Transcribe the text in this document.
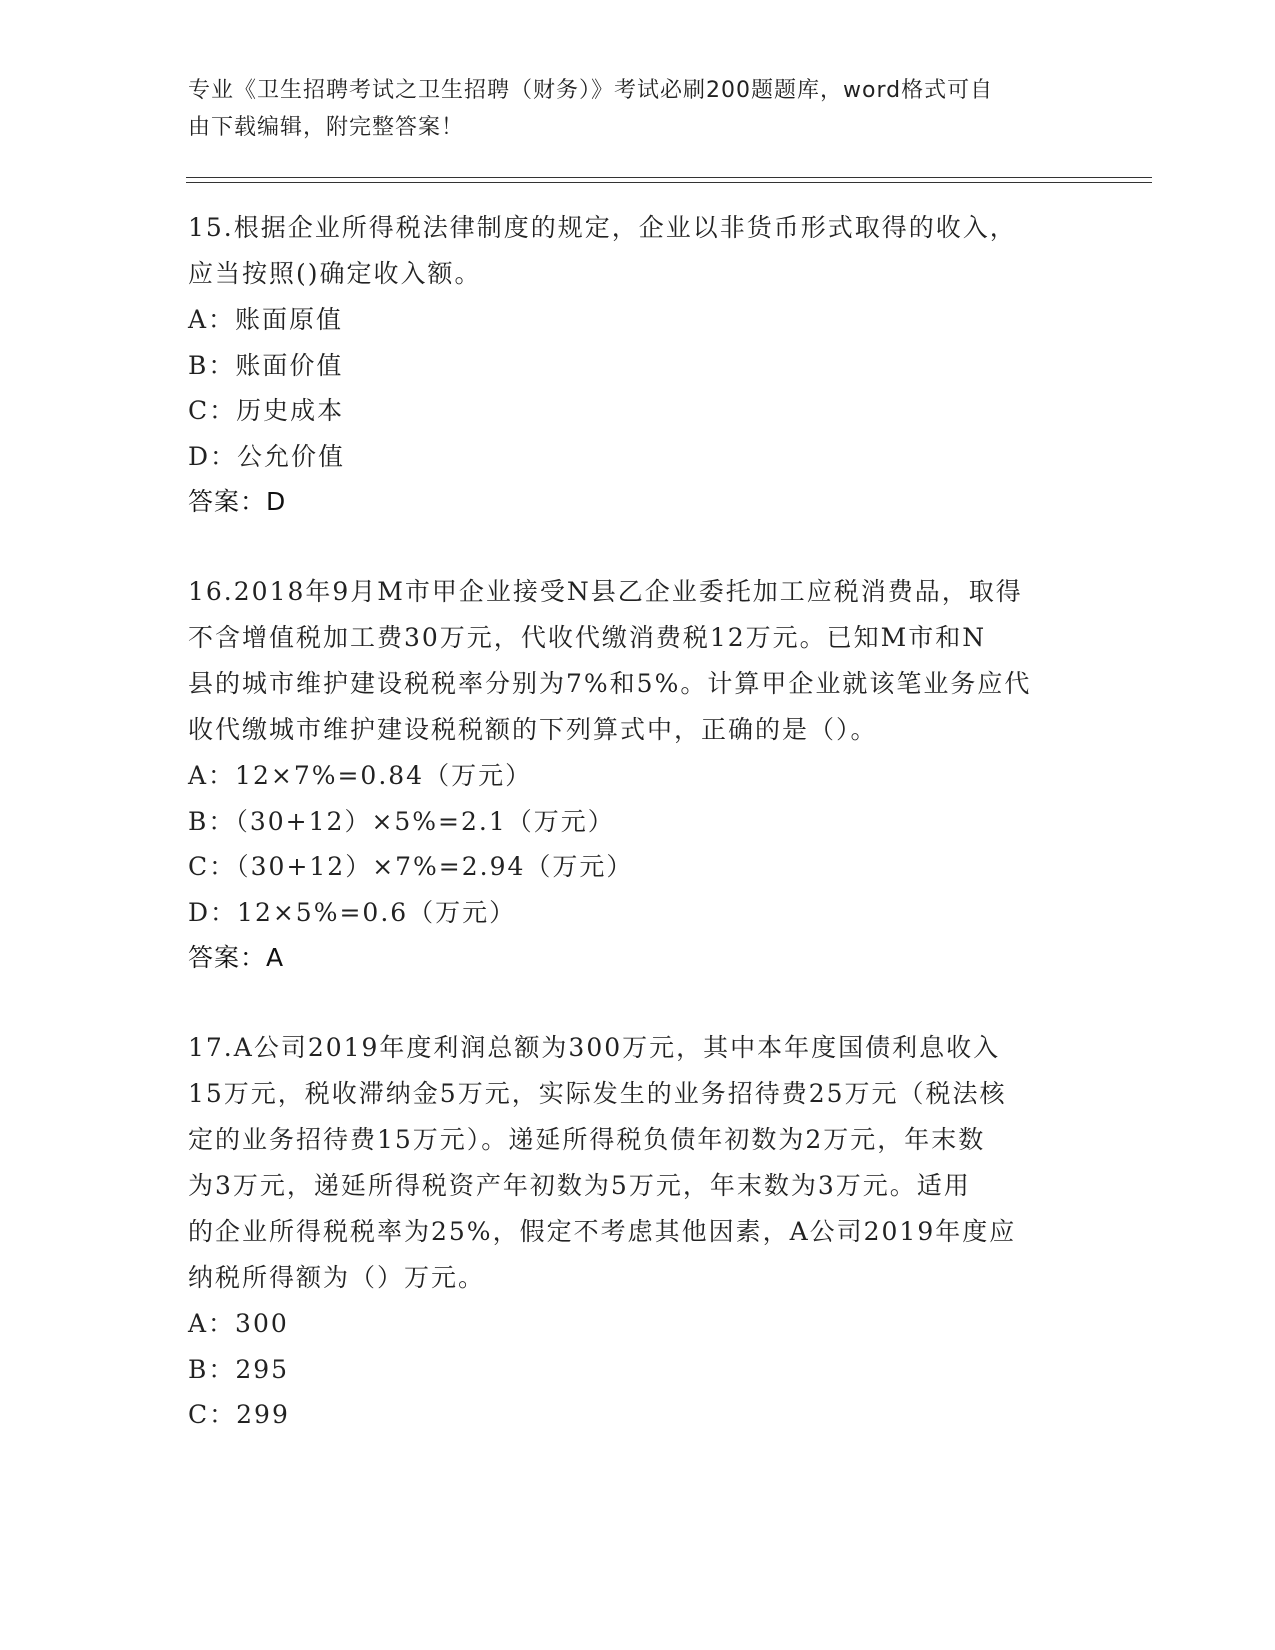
专业《卫生招聘考试之卫生招聘（财务）》考试必刷200题题库，word格式可自
由下载编辑，附完整答案！

15.根据企业所得税法律制度的规定，企业以非货币形式取得的收入，

应当按照()确定收入额。

A：账面原值

B：账面价值

C：历史成本

D：公允价值

答案：D

16.2018年9月M市甲企业接受N县乙企业委托加工应税消费品，取得

不含增值税加工费30万元，代收代缴消费税12万元。已知M市和N

县的城市维护建设税税率分别为7%和5%。计算甲企业就该笔业务应代

收代缴城市维护建设税税额的下列算式中，正确的是（）。

A：12×7%=0.84（万元）

B：（30+12）×5%=2.1（万元）

C：（30+12）×7%=2.94（万元）

D：12×5%=0.6（万元）

答案：A

17.A公司2019年度利润总额为300万元，其中本年度国债利息收入

15万元，税收滞纳金5万元，实际发生的业务招待费25万元（税法核

定的业务招待费15万元）。递延所得税负债年初数为2万元，年末数

为3万元，递延所得税资产年初数为5万元，年末数为3万元。适用

的企业所得税税率为25%，假定不考虑其他因素，A公司2019年度应

纳税所得额为（）万元。

A：300

B：295

C：299
